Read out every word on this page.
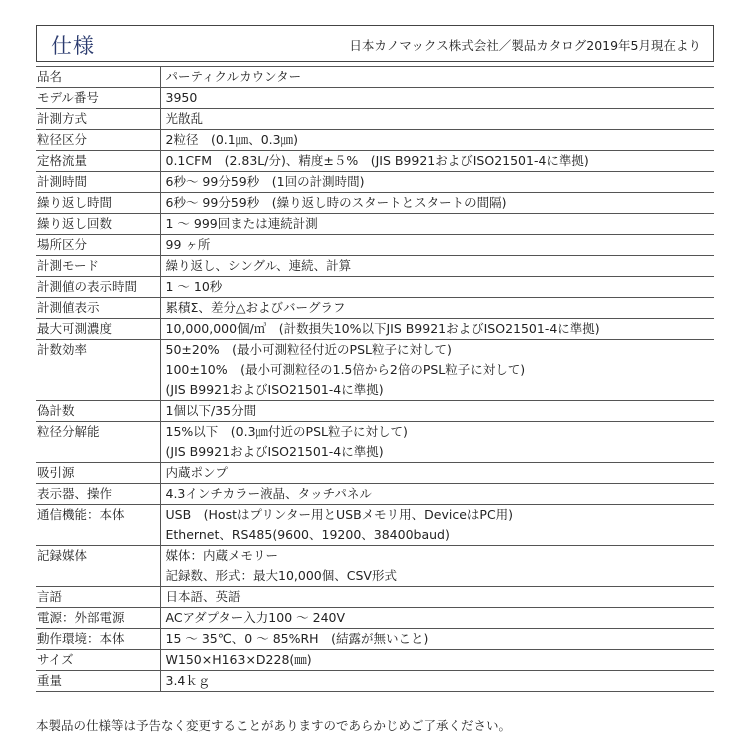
仕様	日本カノマックス株式会社／製品カタログ2019年5月現在より
品名	パーティクルカウンター

モデル番号	3950

計測方式	光散乱

粒径区分	2粒径　(0.1㎛、0.3㎛)

定格流量	0.1CFM　(2.83L/分)、精度±５%　(JIS B9921およびISO21501-4に準拠)

計測時間	6秒～ 99分59秒　(1回の計測時間)

繰り返し時間	6秒～ 99分59秒　(繰り返し時のスタートとスタートの間隔)

繰り返し回数	1 ～ 999回または連続計測

場所区分	99 ヶ所

計測モード	繰り返し、シングル、連続、計算

計測値の表示時間	1 ～ 10秒

計測値表示	累積Σ、差分△およびバーグラフ

最大可測濃度	10,000,000個/㎥　(計数損失10%以下JIS B9921およびISO21501-4に準拠)

計数効率	50±20%　(最小可測粒径付近のPSL粒子に対して)
100±10%　(最小可測粒径の1.5倍から2倍のPSL粒子に対して)
(JIS B9921およびISO21501-4に準拠)

偽計数	1個以下/35分間

粒径分解能	15%以下　(0.3㎛付近のPSL粒子に対して)
(JIS B9921およびISO21501-4に準拠)

吸引源	内蔵ポンプ

表示器、操作	4.3インチカラー液晶、タッチパネル

通信機能：本体	USB　(Hostはプリンター用とUSBメモリ用、DeviceはPC用)
Ethernet、RS485(9600、19200、38400baud)

記録媒体	媒体：内蔵メモリー
記録数、形式：最大10,000個、CSV形式

言語	日本語、英語

電源：外部電源	ACアダプター入力100 ～ 240V

動作環境：本体	15 ～ 35℃、0 ～ 85%RH　(結露が無いこと)

サイズ	W150×H163×D228(㎜)

重量	3.4ｋｇ
本製品の仕様等は予告なく変更することがありますのであらかじめご了承ください。
